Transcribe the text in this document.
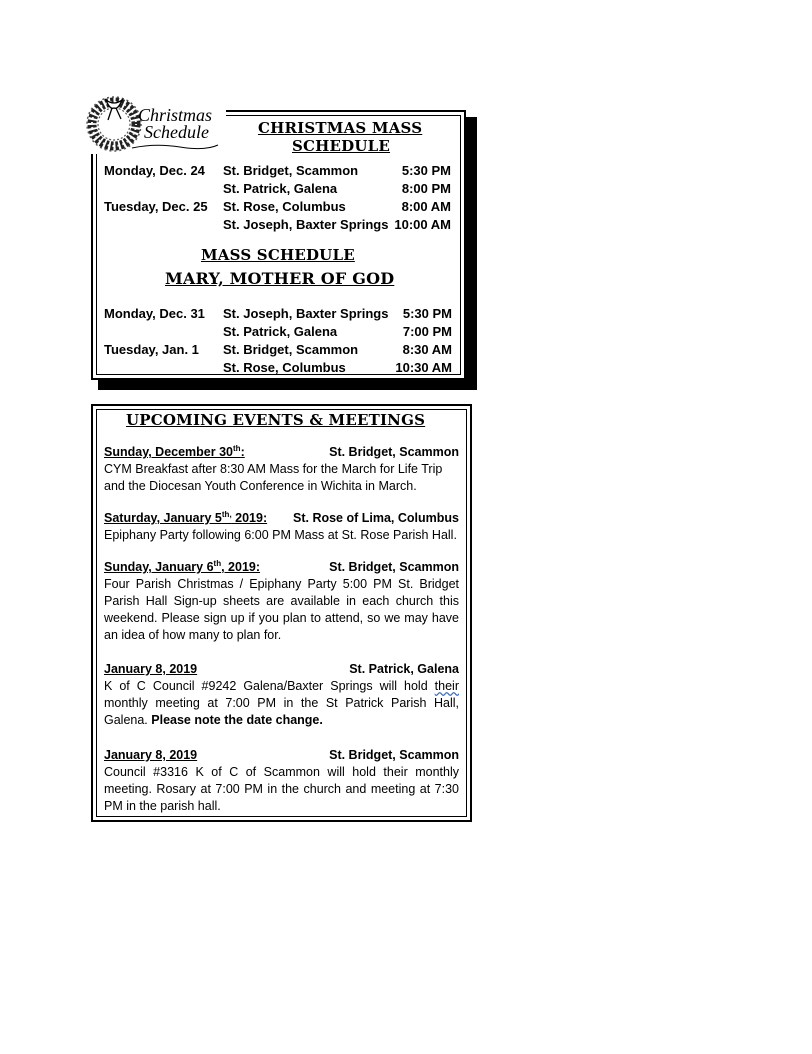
Christmas
Schedule	CHRISTMAS MASS
SCHEDULE
Monday, Dec. 24 St. Bridget, Scammon	5:30 PM
St. Patrick, Galena	8:00 PM
Tuesday, Dec. 25 St. Rose, Columbus	8:00 AM
St. Joseph, Baxter Springs 10:00 AM
MASS SCHEDULE
MARY, MOTHER OF GOD
Monday, Dec. 31 St. Joseph, Baxter Springs 5:30 PM
St. Patrick, Galena	7:00 PM
Tuesday, Jan. 1 St. Bridget, Scammon	8:30 AM
St. Rose, Columbus	10:30 AM
UPCOMING EVENTS & MEETINGS
Sunday, December 30th:	St. Bridget, Scammon
CYM Breakfast after 8:30 AM Mass for the March for Life Trip and the Diocesan Youth Conference in Wichita in March.
Saturday, January $5^{th,}$ 2019: St. Rose of Lima, Columbus
Epiphany Party following 6:00 PM Mass at St. Rose Parish Hall.
Sunday, January 6th, 2019:	St. Bridget, Scammon
Four Parish Christmas / Epiphany Party 5:00 PM St. Bridget Parish Hall Sign-up sheets are available in each church this weekend. Please sign up if you plan to attend, so we may have an idea of how many to plan for.
January 8, 2019	St. Patrick, Galena
K of C Council #9242 Galena/Baxter Springs will hold their monthly meeting at 7:00 PM in the St Patrick Parish Hall, Galena. Please note the date change.
January 8, 2019	St. Bridget, Scammon
Council #3316 K of C of Scammon will hold their monthly meeting. Rosary at 7:00 PM in the church and meeting at 7:30 PM in the parish hall.
